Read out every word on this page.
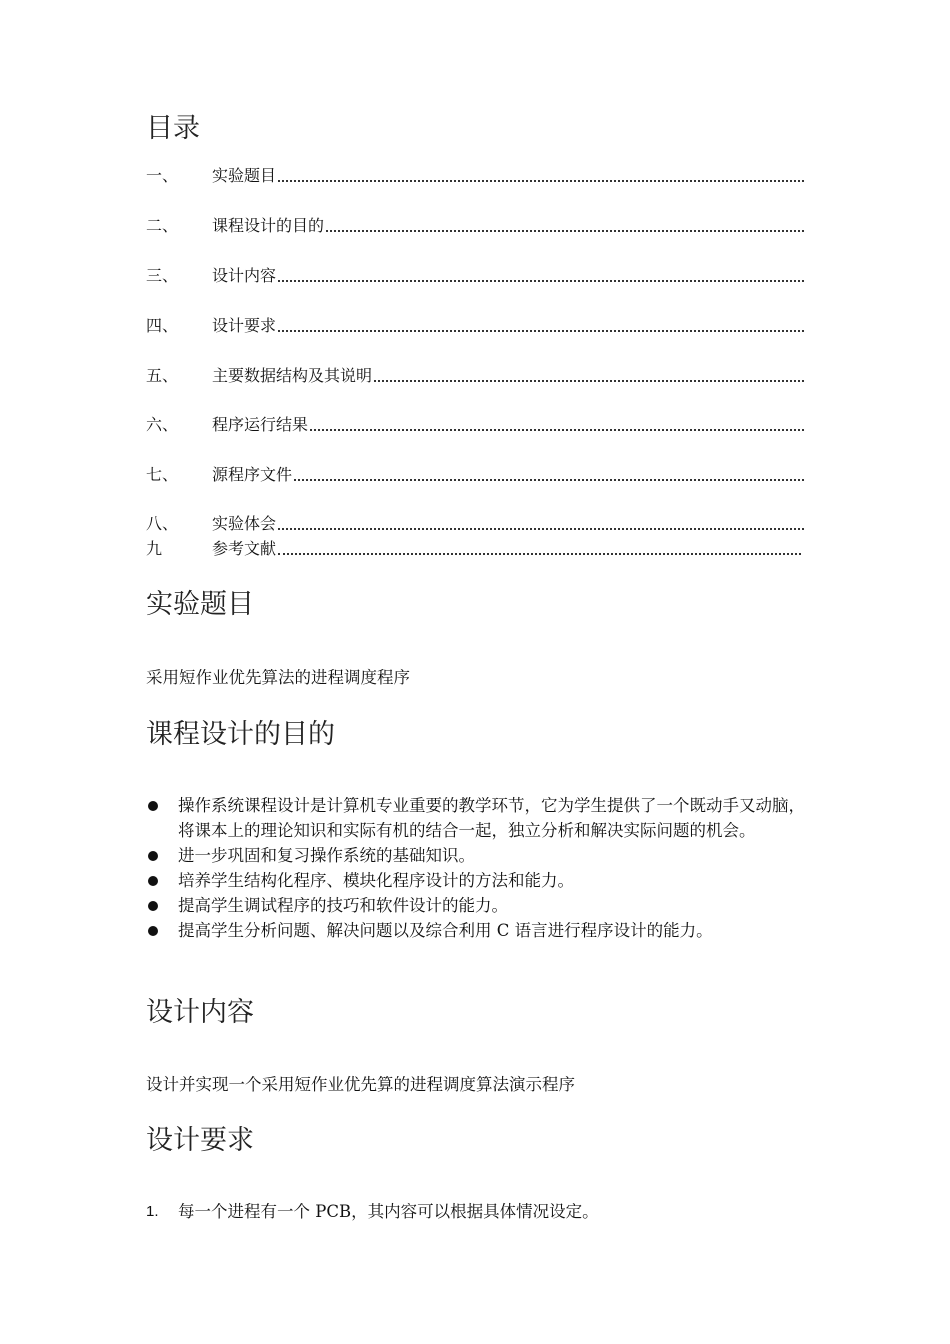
目录
一、	实验题目
二、	课程设计的目的
三、	设计内容
四、	设计要求
五、	主要数据结构及其说明
六、	程序运行结果
七、	源程序文件
八、	实验体会
九	参考文献
实验题目
采用短作业优先算法的进程调度程序
课程设计的目的
操作系统课程设计是计算机专业重要的教学环节，它为学生提供了一个既动手又动脑，将课本上的理论知识和实际有机的结合一起，独立分析和解决实际问题的机会。
进一步巩固和复习操作系统的基础知识。
培养学生结构化程序、模块化程序设计的方法和能力。
提高学生调试程序的技巧和软件设计的能力。
提高学生分析问题、解决问题以及综合利用 C 语言进行程序设计的能力。
设计内容
设计并实现一个采用短作业优先算的进程调度算法演示程序
设计要求
1.	每一个进程有一个 PCB，其内容可以根据具体情况设定。
